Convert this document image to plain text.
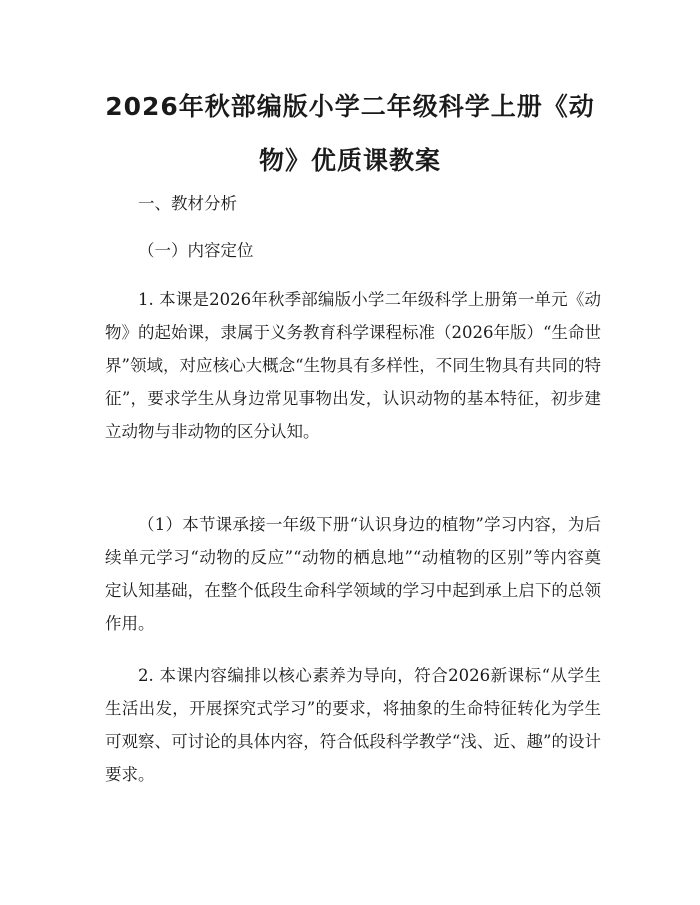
2026年秋部编版小学二年级科学上册《动物》优质课教案

一、教材分析

（一）内容定位

1. 本课是2026年秋季部编版小学二年级科学上册第一单元《动物》的起始课，隶属于义务教育科学课程标准（2026年版）“生命世界”领域，对应核心大概念“生物具有多样性，不同生物具有共同的特征”，要求学生从身边常见事物出发，认识动物的基本特征，初步建立动物与非动物的区分认知。

（1）本节课承接一年级下册“认识身边的植物”学习内容，为后续单元学习“动物的反应”“动物的栖息地”“动植物的区别”等内容奠定认知基础，在整个低段生命科学领域的学习中起到承上启下的总领作用。

2. 本课内容编排以核心素养为导向，符合2026新课标“从学生生活出发，开展探究式学习”的要求，将抽象的生命特征转化为学生可观察、可讨论的具体内容，符合低段科学教学“浅、近、趣”的设计要求。
